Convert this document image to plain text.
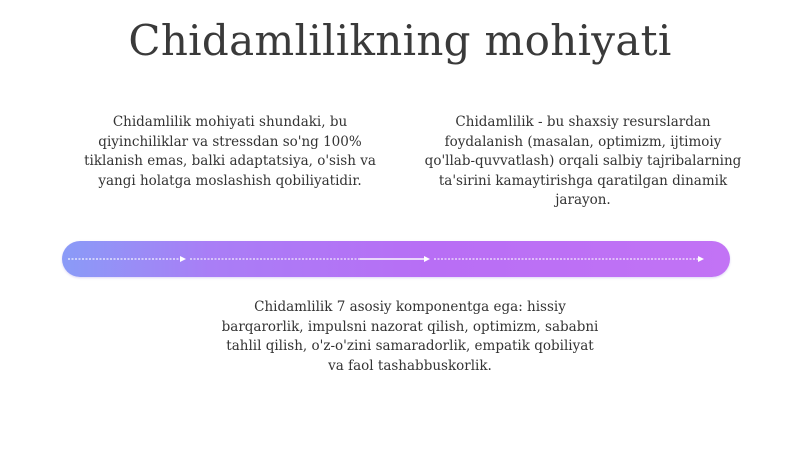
Chidamlilikning mohiyati

Chidamlilik mohiyati shundaki, bu qiyinchiliklar va stressdan so'ng 100% tiklanish emas, balki adaptatsiya, o'sish va yangi holatga moslashish qobiliyatidir.

Chidamlilik - bu shaxsiy resurslardan foydalanish (masalan, optimizm, ijtimoiy qo'llab-quvvatlash) orqali salbiy tajribalarning ta'sirini kamaytirishga qaratilgan dinamik jarayon.

Chidamlilik 7 asosiy komponentga ega: hissiy barqarorlik, impulsni nazorat qilish, optimizm, sababni tahlil qilish, o'z-o'zini samaradorlik, empatik qobiliyat va faol tashabbuskorlik.
